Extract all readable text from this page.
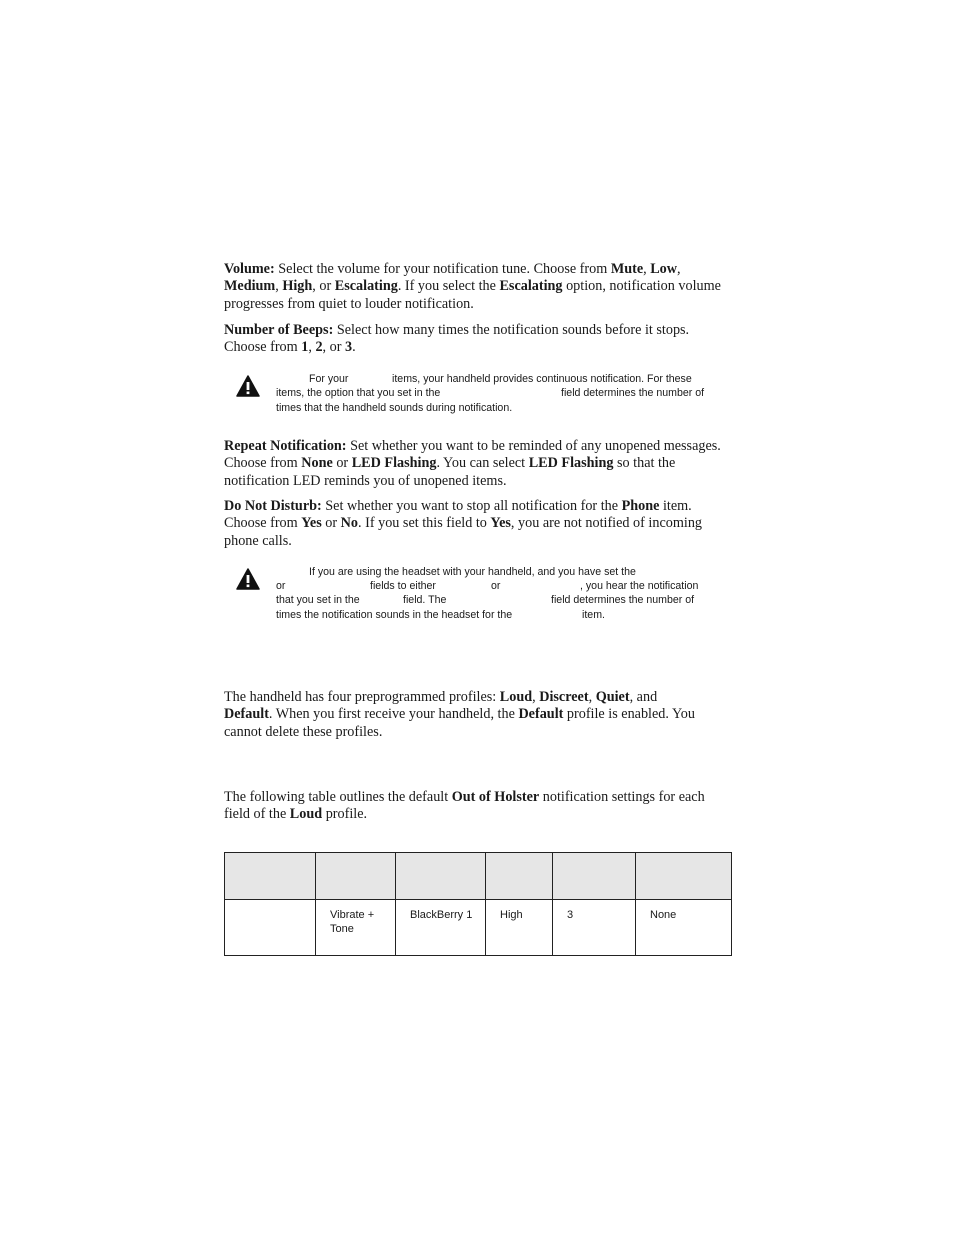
Volume: Select the volume for your notification tune. Choose from Mute, Low,
Medium, High, or Escalating. If you select the Escalating option, notification volume progresses from quiet to louder notification.

Number of Beeps: Select how many times the notification sounds before it stops. Choose from 1, 2, or 3.

For your	items, your handheld provides continuous notification. For these
items, the option that you set in the	field determines the number of
times that the handheld sounds during notification.

Repeat Notification: Set whether you want to be reminded of any unopened messages. Choose from None or LED Flashing. You can select LED Flashing so that the notification LED reminds you of unopened items.

Do Not Disturb: Set whether you want to stop all notification for the Phone item. Choose from Yes or No. If you set this field to Yes, you are not notified of incoming phone calls.

If you are using the headset with your handheld, and you have set the
or	fields to either	or	, you hear the notification
that you set in the	field. The	field determines the number of
times the notification sounds in the headset for the	item.

The handheld has four preprogrammed profiles: Loud, Discreet, Quiet, and
Default. When you first receive your handheld, the Default profile is enabled. You cannot delete these profiles.

The following table outlines the default Out of Holster notification settings for each field of the Loud profile.

	Vibrate + Tone	BlackBerry 1	High	3	None
